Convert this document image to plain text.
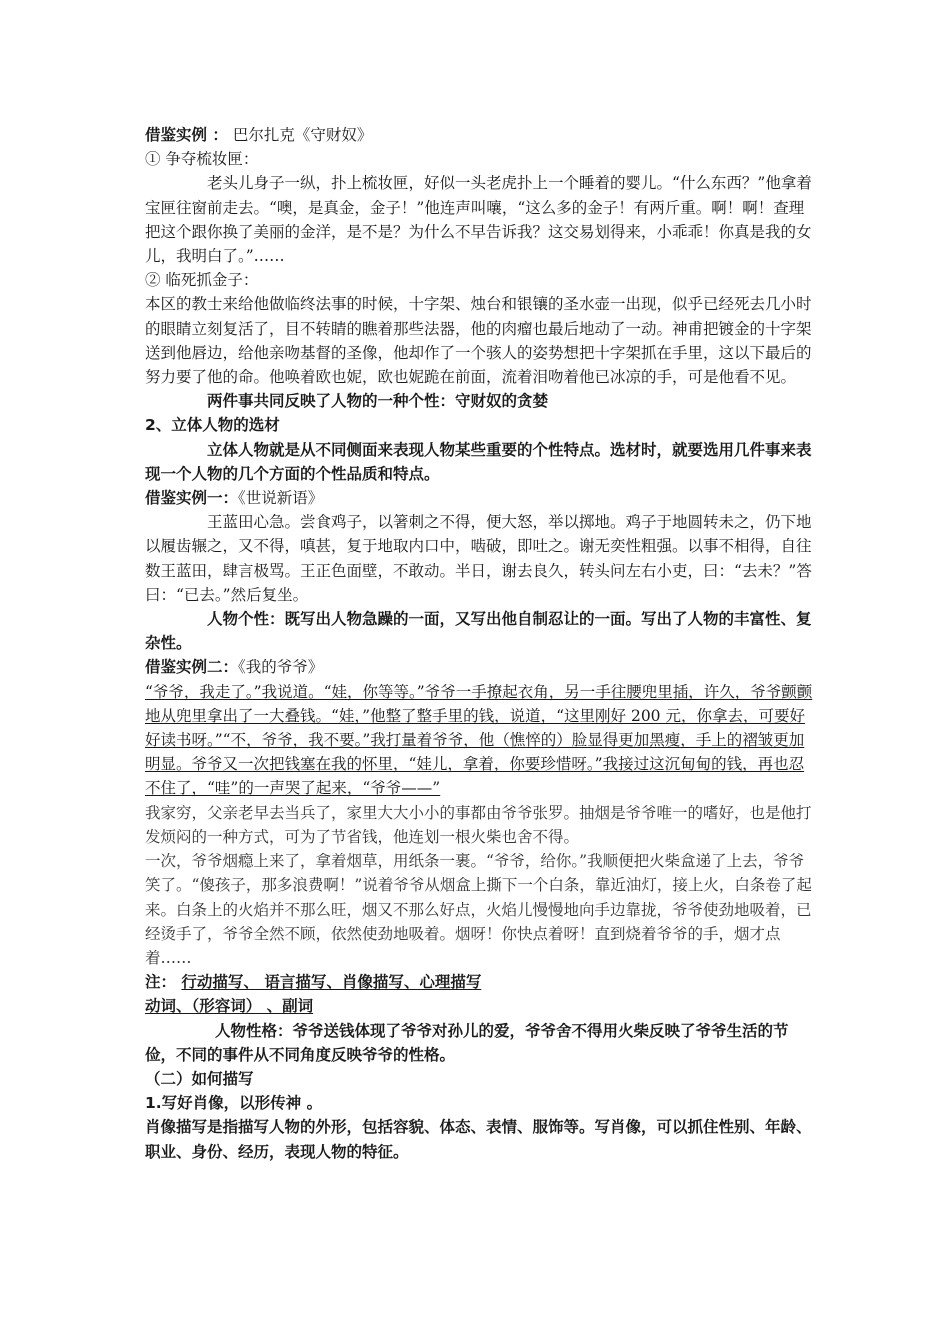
借鉴实例 ： 巴尔扎克《守财奴》

① 争夺梳妆匣：

老头儿身子一纵，扑上梳妆匣，好似一头老虎扑上一个睡着的婴儿。“什么东西？”他拿着宝匣往窗前走去。“噢，是真金，金子！”他连声叫嚷，“这么多的金子！有两斤重。啊！啊！查理把这个跟你换了美丽的金洋，是不是？为什么不早告诉我？这交易划得来，小乖乖！你真是我的女儿，我明白了。”……

② 临死抓金子：

本区的教士来给他做临终法事的时候，十字架、烛台和银镶的圣水壶一出现，似乎已经死去几小时的眼睛立刻复活了，目不转睛的瞧着那些法器，他的肉瘤也最后地动了一动。神甫把镀金的十字架送到他唇边，给他亲吻基督的圣像，他却作了一个骇人的姿势想把十字架抓在手里，这以下最后的努力要了他的命。他唤着欧也妮，欧也妮跪在前面，流着泪吻着他已冰凉的手，可是他看不见。

两件事共同反映了人物的一种个性：守财奴的贪婪

2、立体人物的选材

立体人物就是从不同侧面来表现人物某些重要的个性特点。选材时，就要选用几件事来表现一个人物的几个方面的个性品质和特点。

借鉴实例一：《世说新语》

王蓝田心急。尝食鸡子，以箸刺之不得，便大怒，举以掷地。鸡子于地圆转未之，仍下地以履齿辗之，又不得，嗔甚，复于地取内口中，啮破，即吐之。谢无奕性粗强。以事不相得，自往数王蓝田，肆言极骂。王正色面壁，不敢动。半日，谢去良久，转头问左右小吏，曰：“去未？”答曰：“已去。”然后复坐。

人物个性：既写出人物急躁的一面，又写出他自制忍让的一面。写出了人物的丰富性、复杂性。

借鉴实例二：《我的爷爷》

“爷爷，我走了。”我说道。“娃，你等等。”爷爷一手撩起衣角，另一手往腰兜里插，许久，爷爷颤颤地从兜里拿出了一大叠钱。“娃，”他整了整手里的钱，说道，“这里刚好 200 元，你拿去，可要好好读书呀。”“不，爷爷，我不要。”我打量着爷爷，他（憔悴的）脸显得更加黑瘦，手上的褶皱更加明显。爷爷又一次把钱塞在我的怀里，“娃儿，拿着，你要珍惜呀。”我接过这沉甸甸的钱，再也忍不住了，“哇”的一声哭了起来，“爷爷——”

我家穷，父亲老早去当兵了，家里大大小小的事都由爷爷张罗。抽烟是爷爷唯一的嗜好，也是他打发烦闷的一种方式，可为了节省钱，他连划一根火柴也舍不得。

一次，爷爷烟瘾上来了，拿着烟草，用纸条一裹。“爷爷，给你。”我顺便把火柴盒递了上去，爷爷笑了。“傻孩子，那多浪费啊！”说着爷爷从烟盒上撕下一个白条，靠近油灯，接上火，白条卷了起来。白条上的火焰并不那么旺，烟又不那么好点，火焰儿慢慢地向手边靠拢，爷爷使劲地吸着，已经烫手了，爷爷全然不顾，依然使劲地吸着。烟呀！你快点着呀！直到烧着爷爷的手，烟才点着……

注： 行动描写、 语言描写、肖像描写、心理描写

动词、（形容词） 、副词

人物性格：爷爷送钱体现了爷爷对孙儿的爱，爷爷舍不得用火柴反映了爷爷生活的节俭，不同的事件从不同角度反映爷爷的性格。

（二）如何描写

1.写好肖像，以形传神 。

肖像描写是指描写人物的外形，包括容貌、体态、表情、服饰等。写肖像，可以抓住性别、年龄、职业、身份、经历，表现人物的特征。
